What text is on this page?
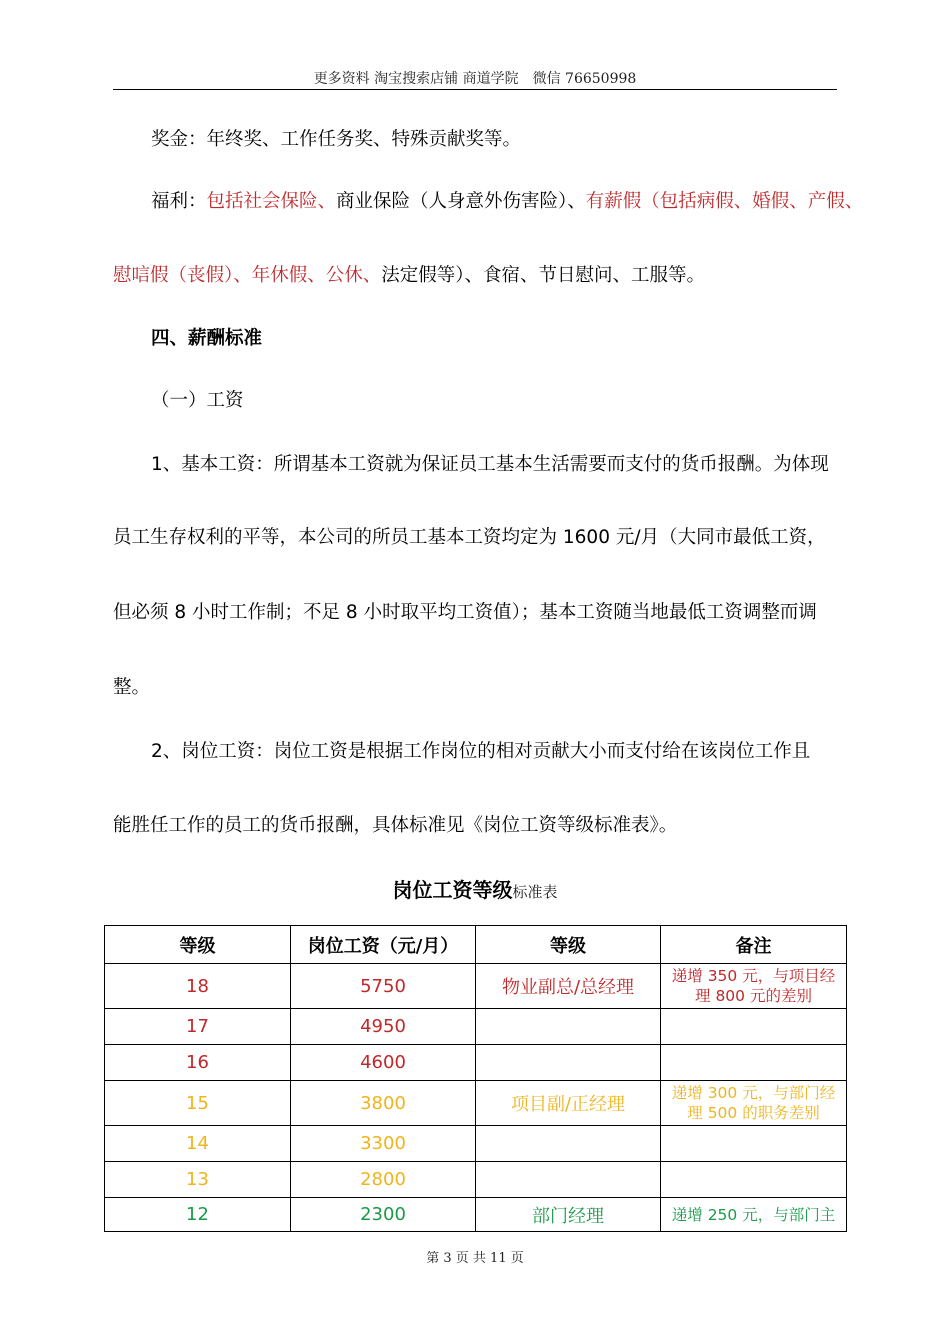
更多资料 淘宝搜索店铺 商道学院　微信 76650998
奖金：年终奖、工作任务奖、特殊贡献奖等。
福利：包括社会保险、商业保险（人身意外伤害险）、有薪假（包括病假、婚假、产假、
慰唁假（丧假）、年休假、公休、法定假等）、食宿、节日慰问、工服等。
四、薪酬标准
（一）工资
1、基本工资：所谓基本工资就为保证员工基本生活需要而支付的货币报酬。为体现
员工生存权利的平等，本公司的所员工基本工资均定为 1600 元/月（大同市最低工资，
但必须 8 小时工作制；不足 8 小时取平均工资值）；基本工资随当地最低工资调整而调
整。
2、岗位工资：岗位工资是根据工作岗位的相对贡献大小而支付给在该岗位工作且
能胜任工作的员工的货币报酬，具体标准见《岗位工资等级标准表》。
岗位工资等级标准表
等级	岗位工资（元/月）	等级	备注
18	5750	物业副总/总经理	递增 350 元，与项目经
理 800 元的差别
17	4950		
16	4600		
15	3800	项目副/正经理	递增 300 元，与部门经
理 500 的职务差别
14	3300		
13	2800		
12	2300	部门经理	递增 250 元，与部门主
第 3 页 共 11 页
